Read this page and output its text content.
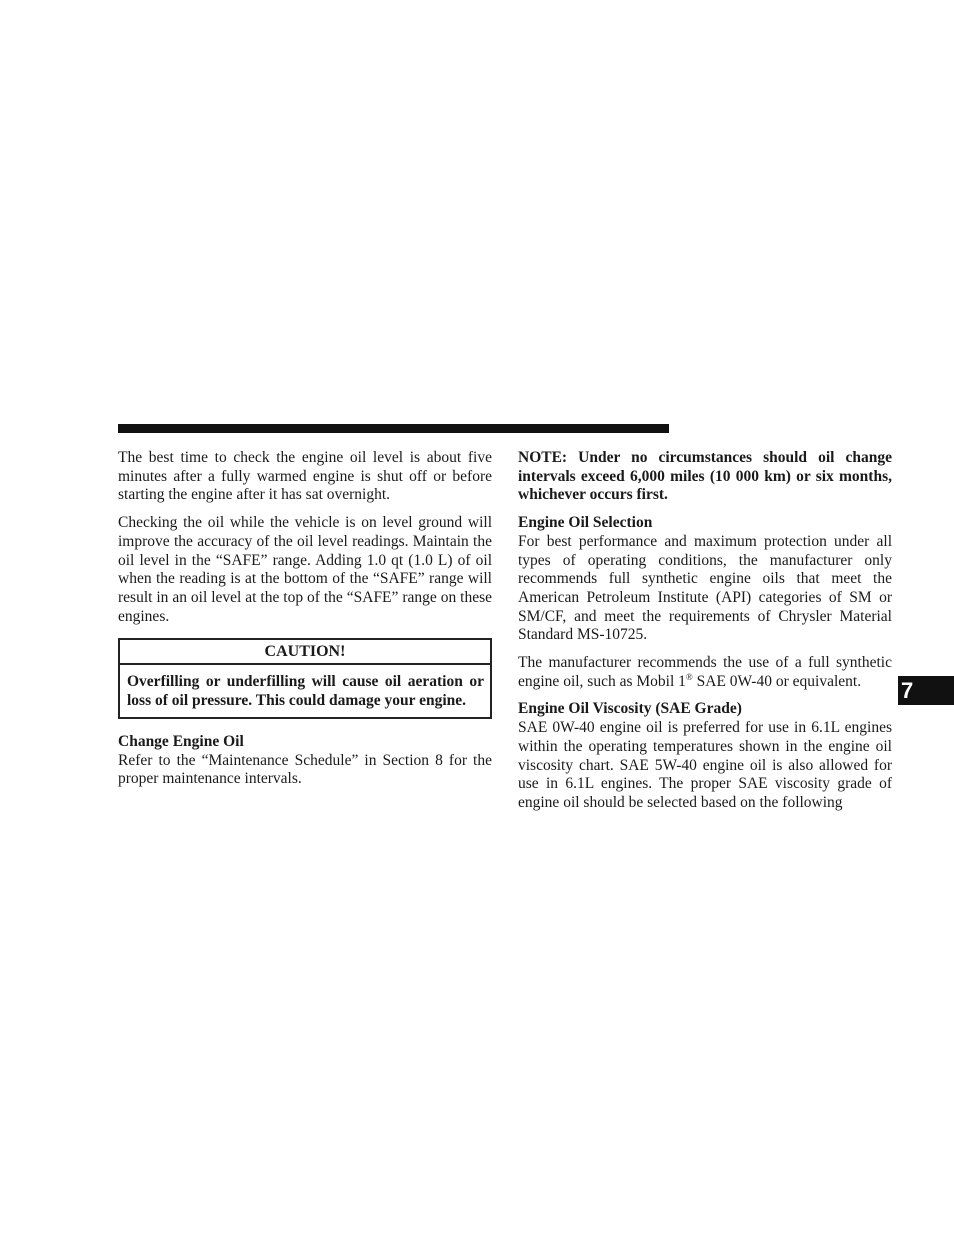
The best time to check the engine oil level is about five minutes after a fully warmed engine is shut off or before starting the engine after it has sat overnight.

Checking the oil while the vehicle is on level ground will improve the accuracy of the oil level readings. Maintain the oil level in the “SAFE” range. Adding 1.0 qt (1.0 L) of oil when the reading is at the bottom of the “SAFE” range will result in an oil level at the top of the “SAFE” range on these engines.

CAUTION!
Overfilling or underfilling will cause oil aeration or loss of oil pressure. This could damage your engine.
Change Engine Oil

Refer to the “Maintenance Schedule” in Section 8 for the proper maintenance intervals.

NOTE: Under no circumstances should oil change intervals exceed 6,000 miles (10 000 km) or six months, whichever occurs first.

Engine Oil Selection

For best performance and maximum protection under all types of operating conditions, the manufacturer only recommends full synthetic engine oils that meet the American Petroleum Institute (API) categories of SM or SM/CF, and meet the requirements of Chrysler Material Standard MS-10725.

The manufacturer recommends the use of a full synthetic engine oil, such as Mobil 1® SAE 0W-40 or equivalent.

Engine Oil Viscosity (SAE Grade)

SAE 0W-40 engine oil is preferred for use in 6.1L engines within the operating temperatures shown in the engine oil viscosity chart. SAE 5W-40 engine oil is also allowed for use in 6.1L engines. The proper SAE viscosity grade of engine oil should be selected based on the following

7
